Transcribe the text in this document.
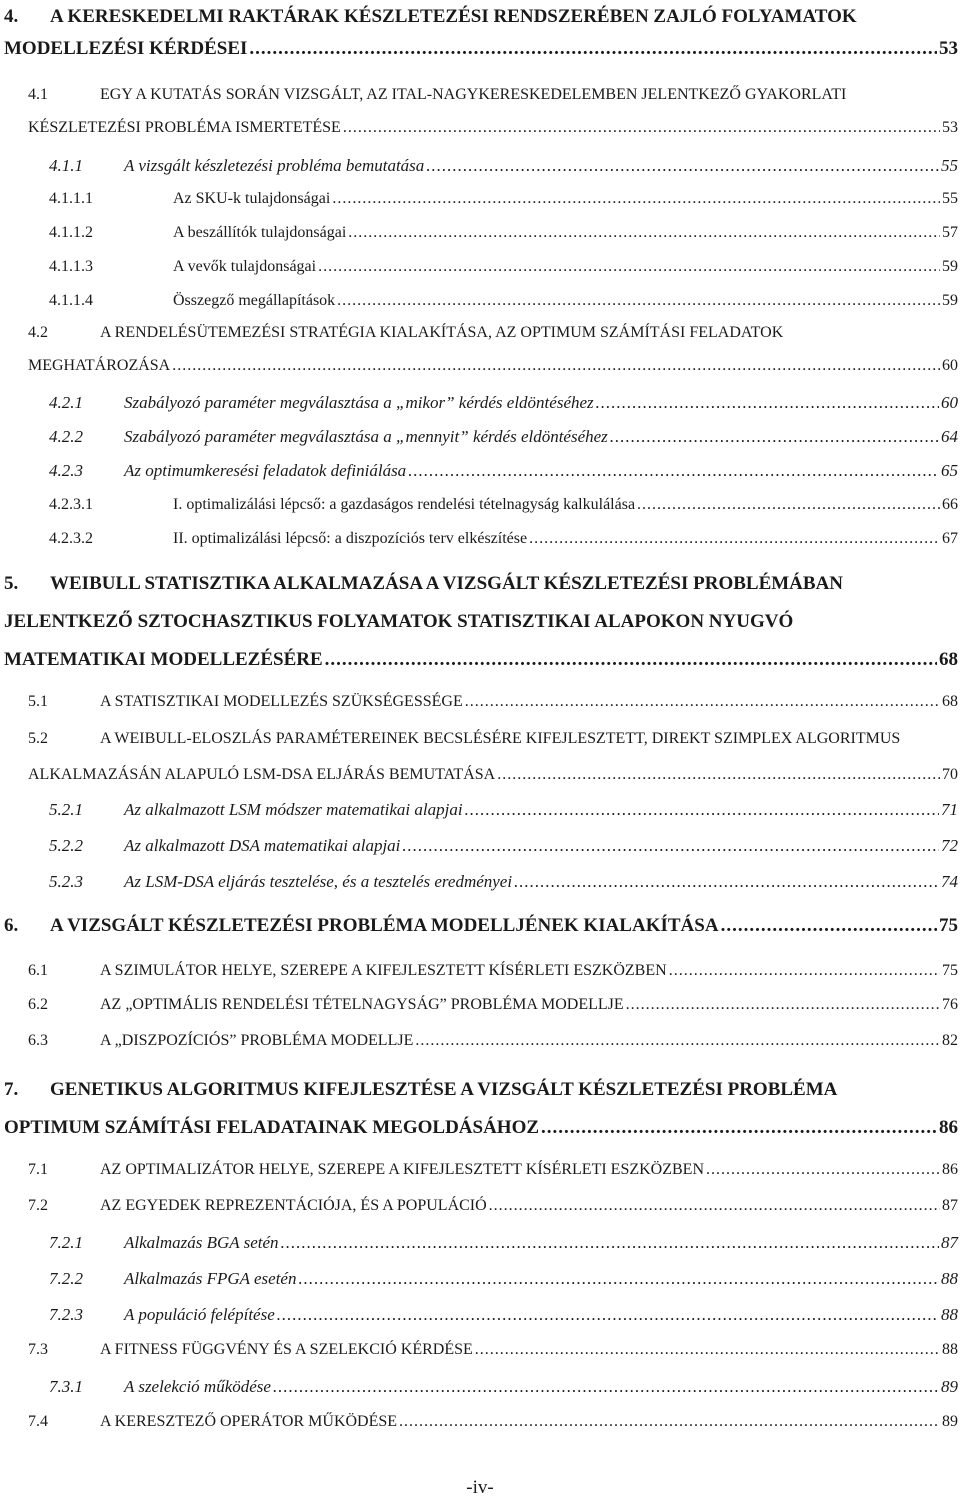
4. A KERESKEDELMI RAKTÁRAK KÉSZLETEZÉSI RENDSZERÉBEN ZAJLÓ FOLYAMATOK
MODELLEZÉSI KÉRDÉSEI .....	53
4.1	EGY A KUTATÁS SORÁN VIZSGÁLT, AZ ITAL-NAGYKERESKEDELEMBEN JELENTKEZŐ GYAKORLATI
KÉSZLETEZÉSI PROBLÉMA ISMERTETÉSE .....	53
4.1.1 A vizsgált készletezési probléma bemutatása .....	55
4.1.1.1	Az SKU-k tulajdonságai .....	55
4.1.1.2	A beszállítók tulajdonságai .....	57
4.1.1.3	A vevők tulajdonságai .....	59
4.1.1.4	Összegző megállapítások .....	59
4.2	A RENDELÉSÜTEMEZÉSI STRATÉGIA KIALAKÍTÁSA, AZ OPTIMUM SZÁMÍTÁSI FELADATOK
MEGHATÁROZÁSA .....	60
4.2.1 Szabályozó paraméter megválasztása a „mikor” kérdés eldöntéséhez .....	60
4.2.2 Szabályozó paraméter megválasztása a „mennyit” kérdés eldöntéséhez .....	64
4.2.3 Az optimumkeresési feladatok definiálása .....	65
4.2.3.1	I. optimalizálási lépcső: a gazdaságos rendelési tételnagyság kalkulálása .....	66
4.2.3.2	II. optimalizálási lépcső: a diszpozíciós terv elkészítése .....	67
5. WEIBULL STATISZTIKA ALKALMAZÁSA A VIZSGÁLT KÉSZLETEZÉSI PROBLÉMÁBAN
JELENTKEZŐ SZTOCHASZTIKUS FOLYAMATOK STATISZTIKAI ALAPOKON NYUGVÓ
MATEMATIKAI MODELLEZÉSÉRE .....	68
5.1	A STATISZTIKAI MODELLEZÉS SZÜKSÉGESSÉGE .....	68
5.2	A WEIBULL-ELOSZLÁS PARAMÉTEREINEK BECSLÉSÉRE KIFEJLESZTETT, DIREKT SZIMPLEX ALGORITMUS
ALKALMAZÁSÁN ALAPULÓ LSM-DSA ELJÁRÁS BEMUTATÁSA .....	70
5.2.1 Az alkalmazott LSM módszer matematikai alapjai .....	71
5.2.2 Az alkalmazott DSA matematikai alapjai .....	72
5.2.3 Az LSM-DSA eljárás tesztelése, és a tesztelés eredményei .....	74
6. A VIZSGÁLT KÉSZLETEZÉSI PROBLÉMA MODELLJÉNEK KIALAKÍTÁSA .....	75
6.1	A SZIMULÁTOR HELYE, SZEREPE A KIFEJLESZTETT KÍSÉRLETI ESZKÖZBEN .....	75
6.2	AZ „OPTIMÁLIS RENDELÉSI TÉTELNAGYSÁG” PROBLÉMA MODELLJE .....	76
6.3	A „DISZPOZÍCIÓS” PROBLÉMA MODELLJE .....	82
7. GENETIKUS ALGORITMUS KIFEJLESZTÉSE A VIZSGÁLT KÉSZLETEZÉSI PROBLÉMA
OPTIMUM SZÁMÍTÁSI FELADATAINAK MEGOLDÁSÁHOZ .....	86
7.1	AZ OPTIMALIZÁTOR HELYE, SZEREPE A KIFEJLESZTETT KÍSÉRLETI ESZKÖZBEN .....	86
7.2	AZ EGYEDEK REPREZENTÁCIÓJA, ÉS A POPULÁCIÓ .....	87
7.2.1 Alkalmazás BGA setén .....	87
7.2.2 Alkalmazás FPGA esetén .....	88
7.2.3 A populáció felépítése .....	88
7.3	A FITNESS FÜGGVÉNY ÉS A SZELEKCIÓ KÉRDÉSE .....	88
7.3.1 A szelekció működése .....	89
7.4	A KERESZTEZŐ OPERÁTOR MŰKÖDÉSE .....	89
-iv-
